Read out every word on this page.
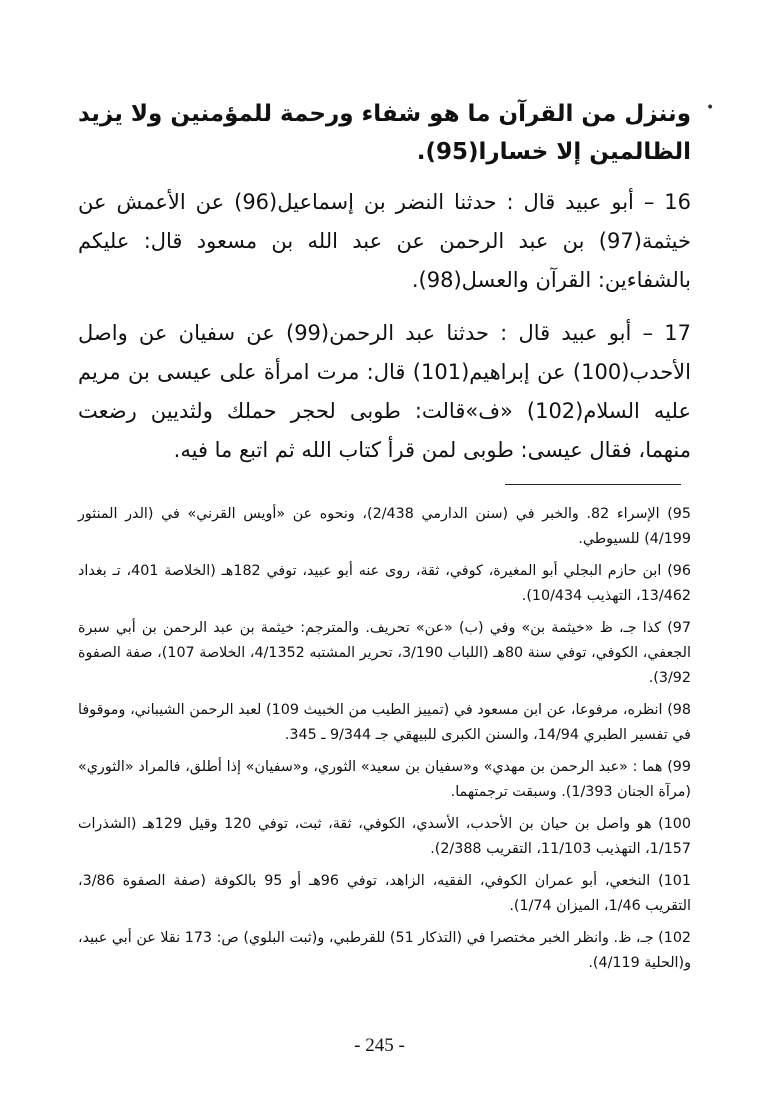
•

وننزل من القرآن ما هو شفاء ورحمة للمؤمنين ولا يزيد الظالمين إلا خسارا(95).

16 – أبو عبيد قال : حدثنا النضر بن إسماعيل(96) عن الأعمش عن خيثمة(97) بن عبد الرحمن عن عبد الله بن مسعود قال: عليكم بالشفاءين: القرآن والعسل(98).

17 – أبو عبيد قال : حدثنا عبد الرحمن(99) عن سفيان عن واصل الأحدب(100) عن إبراهيم(101) قال: مرت امرأة على عيسى بن مريم عليه السلام(102) «ف»قالت: طوبى لحجر حملك ولثديين رضعت منهما، فقال عيسى: طوبى لمن قرأ كتاب الله ثم اتبع ما فيه.

95) الإسراء 82. والخبر في (سنن الدارمي 2/438)، ونحوه عن «أويس القرني» في (الدر المنثور 4/199) للسيوطي.

96) ابن حازم البجلي أبو المغيرة، كوفي، ثقة، روى عنه أبو عبيد، توفي 182هـ (الخلاصة 401، تـ بغداد 13/462، التهذيب 10/434).

97) كذا جـ، ظ «خيثمة بن» وفي (ب) «عن» تحريف. والمترجم: خيثمة بن عبد الرحمن بن أبي سبرة الجعفي، الكوفي، توفي سنة 80هـ (اللباب 3/190، تحرير المشتبه 4/1352، الخلاصة 107)، صفة الصفوة 3/92).

98) انظره، مرفوعا، عن ابن مسعود في (تمييز الطيب من الخبيث 109) لعبد الرحمن الشيباني، وموقوفا في تفسير الطبري 14/94، والسنن الكبرى للبيهقي جـ 9/344 ـ 345.

99) هما : «عبد الرحمن بن مهدي» و«سفيان بن سعيد» الثوري، و«سفيان» إذا أطلق، فالمراد «الثوري» (مرآة الجنان 1/393). وسبقت ترجمتهما.

100) هو واصل بن حيان بن الأحدب، الأسدي، الكوفي، ثقة، ثبت، توفي 120 وقيل 129هـ (الشذرات 1/157، التهذيب 11/103، التقريب 2/388).

101) النخعي، أبو عمران الكوفي، الفقيه، الزاهد، توفي 96هـ أو 95 بالكوفة (صفة الصفوة 3/86، التقريب 1/46، الميزان 1/74).

102) جـ، ظ. وانظر الخبر مختصرا في (التذكار 51) للقرطبي، و(ثبت البلوي) ص: 173 نقلا عن أبي عبيد، و(الحلية 4/119).

- 245 -
